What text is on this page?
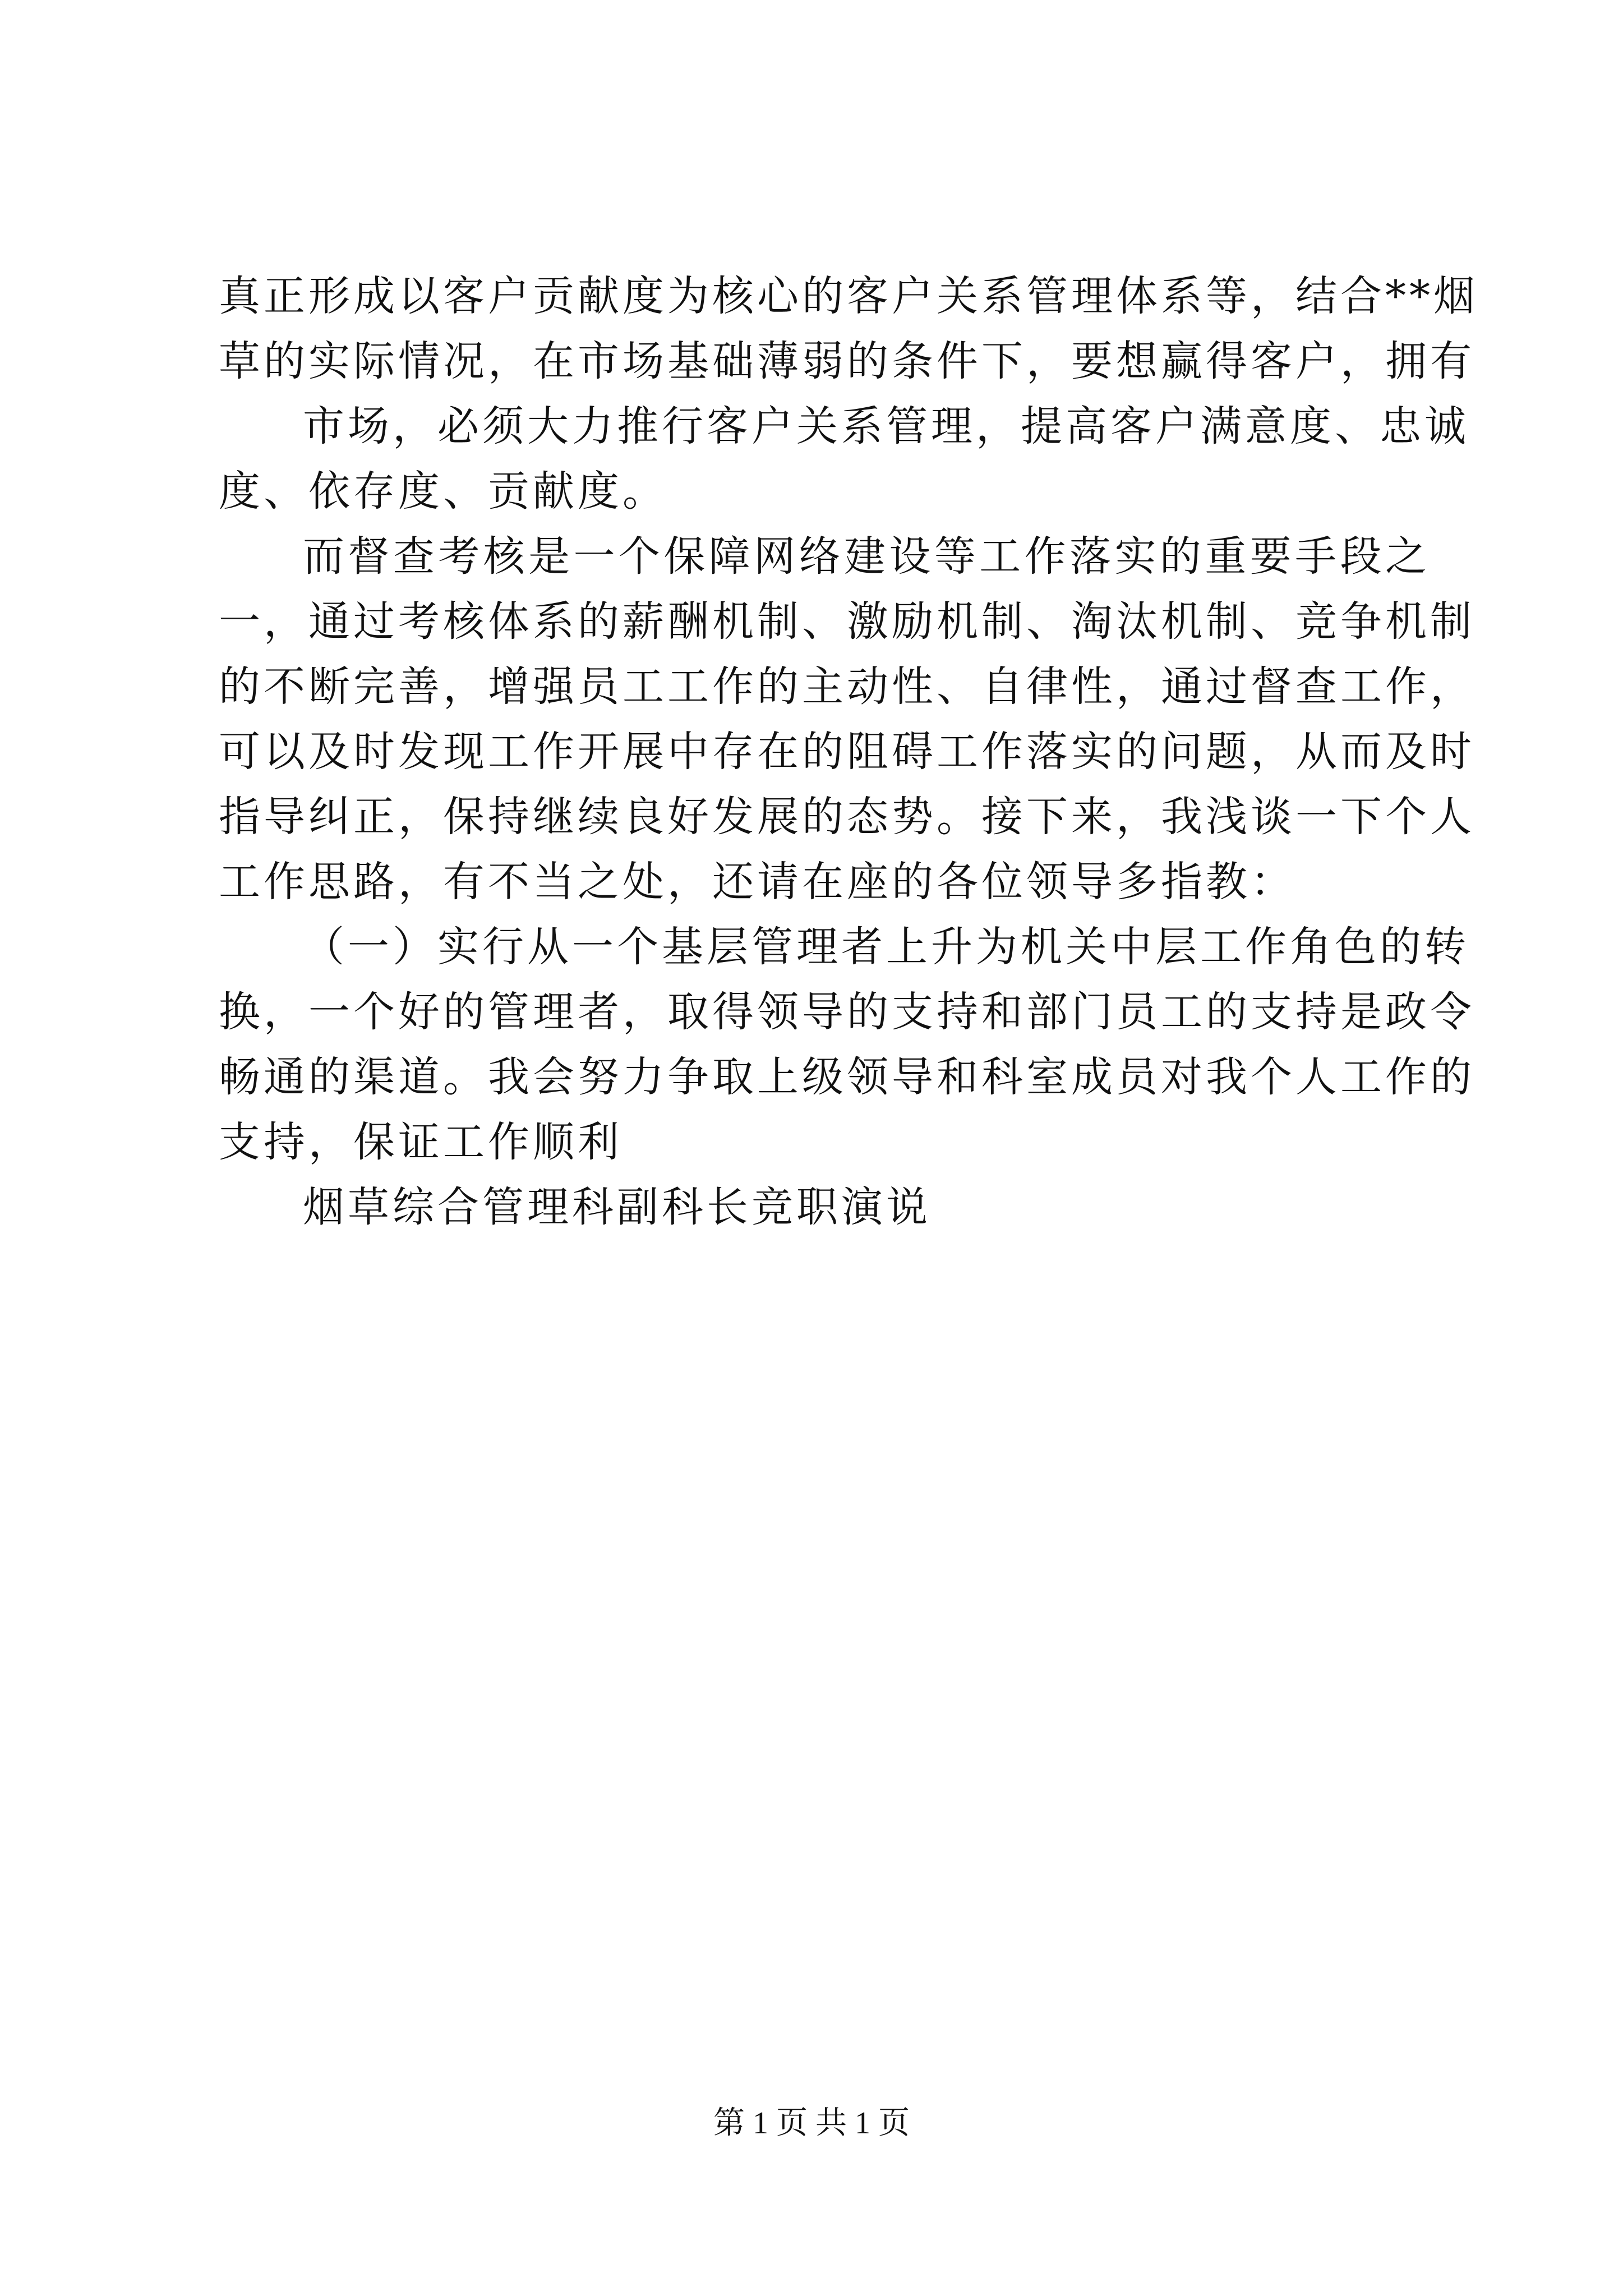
真正形成以客户贡献度为核心的客户关系管理体系等，结合**烟
草的实际情况，在市场基础薄弱的条件下，要想赢得客户，拥有
市场，必须大力推行客户关系管理，提高客户满意度、忠诚
度、依存度、贡献度。
而督查考核是一个保障网络建设等工作落实的重要手段之
一，通过考核体系的薪酬机制、激励机制、淘汰机制、竞争机制
的不断完善，增强员工工作的主动性、自律性，通过督查工作，
可以及时发现工作开展中存在的阻碍工作落实的问题，从而及时
指导纠正，保持继续良好发展的态势。接下来，我浅谈一下个人
工作思路，有不当之处，还请在座的各位领导多指教：
（一）实行从一个基层管理者上升为机关中层工作角色的转
换，一个好的管理者，取得领导的支持和部门员工的支持是政令
畅通的渠道。我会努力争取上级领导和科室成员对我个人工作的
支持，保证工作顺利
烟草综合管理科副科长竞职演说
第 1 页 共 1 页
